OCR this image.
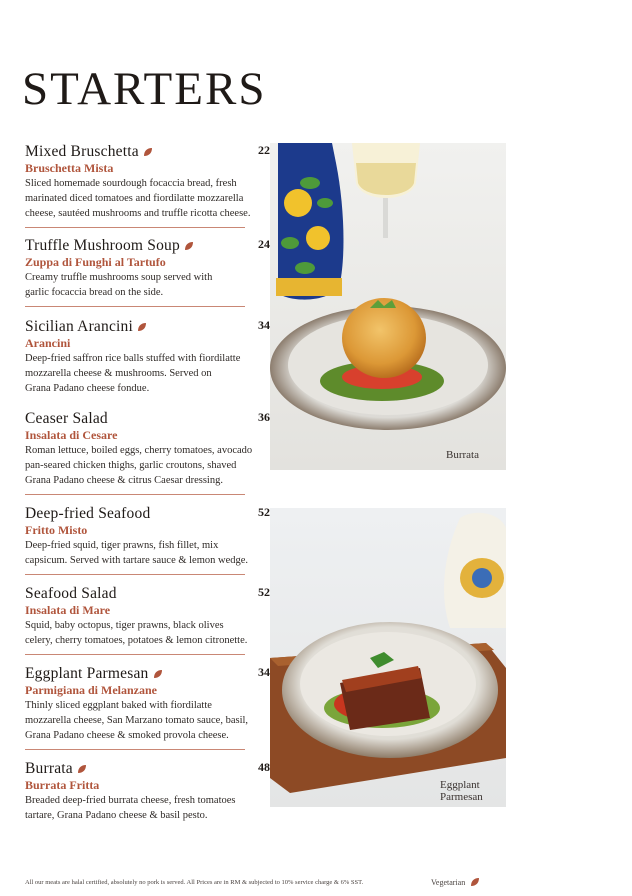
STARTERS
Mixed Bruschetta	22
Bruschetta Mista
Sliced homemade sourdough focaccia bread, fresh
marinated diced tomatoes and fiordilatte mozzarella
cheese, sautéed mushrooms and truffle ricotta cheese.
Truffle Mushroom Soup	24
Zuppa di Funghi al Tartufo
Creamy truffle mushrooms soup served with
garlic focaccia bread on the side.
Sicilian Arancini	34
Arancini
Deep-fried saffron rice balls stuffed with fiordilatte
mozzarella cheese & mushrooms. Served on
Grana Padano cheese fondue.
Ceaser Salad	36
Insalata di Cesare
Roman lettuce, boiled eggs, cherry tomatoes, avocado
pan-seared chicken thighs, garlic croutons, shaved
Grana Padano cheese & citrus Caesar dressing.
Deep-fried Seafood	52
Fritto Misto
Deep-fried squid, tiger prawns, fish fillet, mix
capsicum. Served with tartare sauce & lemon wedge.
Seafood Salad	52
Insalata di Mare
Squid, baby octopus, tiger prawns, black olives
celery, cherry tomatoes, potatoes & lemon citronette.
Eggplant Parmesan	34
Parmigiana di Melanzane
Thinly sliced eggplant baked with fiordilatte
mozzarella cheese, San Marzano tomato sauce, basil,
Grana Padano cheese & smoked provola cheese.
Burrata	48
Burrata Fritta
Breaded deep-fried burrata cheese, fresh tomatoes
tartare, Grana Padano cheese & basil pesto.
Burrata
Eggplant
Parmesan
All our meats are halal certified, absolutely no pork is served. All Prices are in RM & subjected to 10% service charge & 6% SST.	Vegetarian
